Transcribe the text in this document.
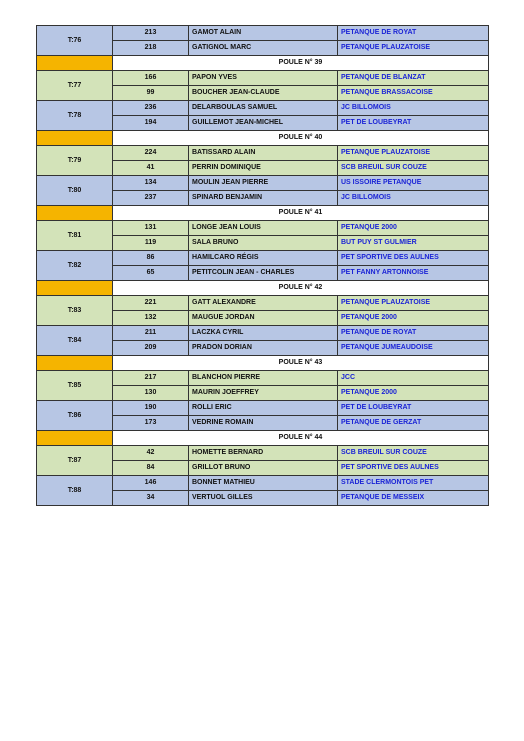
T:76	213	GAMOT ALAIN	PETANQUE DE ROYAT
	218	GATIGNOL MARC	PETANQUE PLAUZATOISE
	POULE N° 39		
T:77	166	PAPON YVES	PETANQUE DE BLANZAT
	99	BOUCHER JEAN-CLAUDE	PETANQUE BRASSACOISE
T:78	236	DELARBOULAS SAMUEL	JC BILLOMOIS
	194	GUILLEMOT JEAN-MICHEL	PET DE LOUBEYRAT
	POULE N° 40		
T:79	224	BATISSARD ALAIN	PETANQUE PLAUZATOISE
	41	PERRIN DOMINIQUE	SCB BREUIL SUR COUZE
T:80	134	MOULIN JEAN PIERRE	US ISSOIRE PETANQUE
	237	SPINARD BENJAMIN	JC BILLOMOIS
	POULE N° 41		
T:81	131	LONGE JEAN LOUIS	PETANQUE 2000
	119	SALA BRUNO	BUT PUY ST GULMIER
T:82	86	HAMILCARO RÉGIS	PET SPORTIVE DES AULNES
	65	PETITCOLIN JEAN - CHARLES	PET FANNY ARTONNOISE
	POULE N° 42		
T:83	221	GATT ALEXANDRE	PETANQUE PLAUZATOISE
	132	MAUGUE JORDAN	PETANQUE 2000
T:84	211	LACZKA CYRIL	PETANQUE DE ROYAT
	209	PRADON DORIAN	PETANQUE JUMEAUDOISE
	POULE N° 43		
T:85	217	BLANCHON PIERRE	JCC
	130	MAURIN JOEFFREY	PETANQUE 2000
T:86	190	ROLLI ERIC	PET DE LOUBEYRAT
	173	VEDRINE ROMAIN	PETANQUE DE GERZAT
	POULE N° 44		
T:87	42	HOMETTE BERNARD	SCB BREUIL SUR COUZE
	84	GRILLOT BRUNO	PET SPORTIVE DES AULNES
T:88	146	BONNET MATHIEU	STADE CLERMONTOIS PET
	34	VERTUOL GILLES	PETANQUE DE MESSEIX
